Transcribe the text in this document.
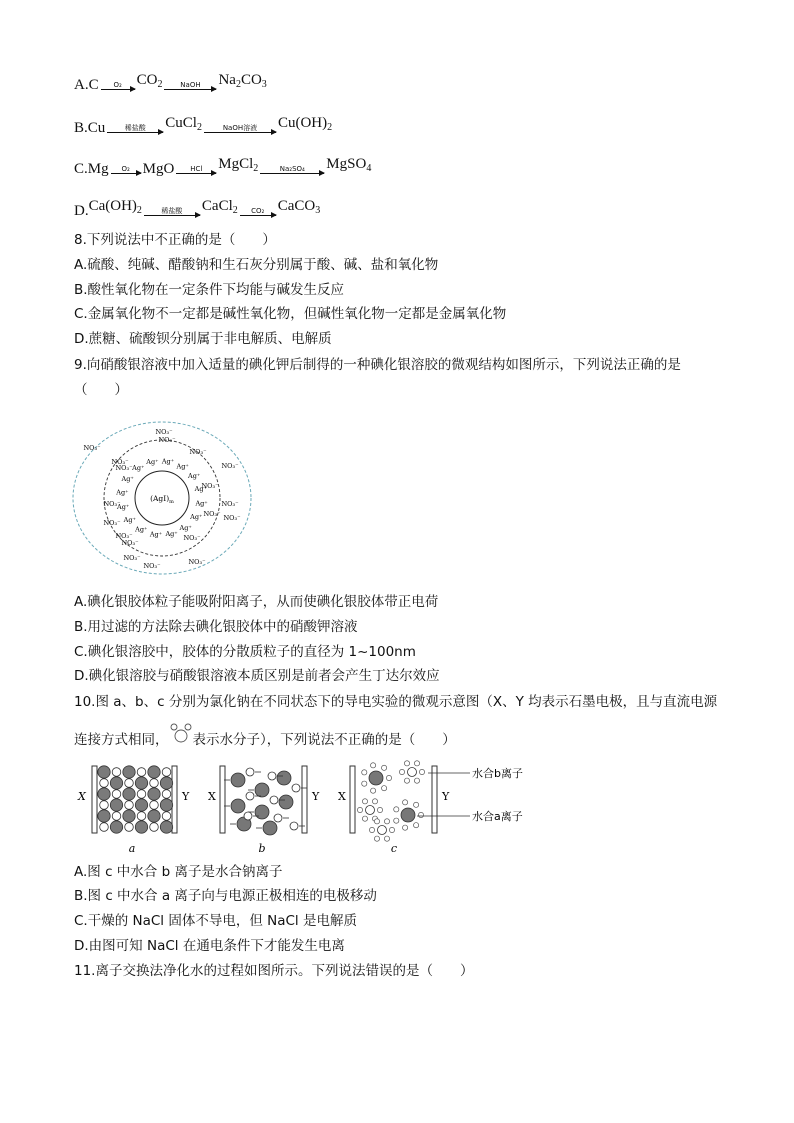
A. C O₂ $CO_2$	NaOH $Na_2CO_3$
B. Cu	稀盐酸 CuCl$_2$	NaOH溶液 $Cu(OH)_2$
C. Mg O₂ MgO HCl MgCl$_2$	Na₂SO₄ MgSO$_4$
D. $Ca(OH)_2$	稀盐酸 CaCl$_2$ CO₂ CaCO$_3$
8.下列说法中不正确的是（　　）
A.硫酸、纯碱、醋酸钠和生石灰分别属于酸、碱、盐和氧化物
B.酸性氧化物在一定条件下均能与碱发生反应
C.金属氧化物不一定都是碱性氧化物，但碱性氧化物一定都是金属氧化物
D.蔗糖、硫酸钡分别属于非电解质、电解质
9.向硝酸银溶液中加入适量的碘化钾后制得的一种碘化银溶胶的微观结构如图所示，下列说法正确的是
（　　）
$(AgI)_m$	Ag⁺
Ag⁺
Ag⁺
Ag⁺
Ag⁺
Ag⁺
Ag⁺
Ag⁺
Ag⁺
Ag⁺
Ag⁺
Ag⁺ Ag⁺
Ag⁺
Ag⁺
Ag⁺
NO₃⁻
NO₃⁻
NO₃⁻	NO₃⁻
NO₃⁻
NO₃⁻
NO₃⁻
NO₃⁻
NO₃⁻
NO₃⁻
NO₃⁻
NO₃⁻
NO₃⁻
NO₃⁻
NO₃⁻
NO₃⁻
NO₃⁻
NO₃⁻
NO₃⁻
A.碘化银胶体粒子能吸附阳离子，从而使碘化银胶体带正电荷
B.用过滤的方法除去碘化银胶体中的硝酸钾溶液
C.碘化银溶胶中，胶体的分散质粒子的直径为 1~100nm
D.碘化银溶胶与硝酸银溶液本质区别是前者会产生丁达尔效应
10.图 a、b、c 分别为氯化钠在不同状态下的导电实验的微观示意图（X、Y 均表示石墨电极，且与直流电源
连接方式相同， 表示水分子），下列说法不正确的是（　　）
X	Y
a
X	Y
b
X	Y
c
水合b离子
水合a离子
A.图 c 中水合 b 离子是水合钠离子
B.图 c 中水合 a 离子向与电源正极相连的电极移动
C.干燥的 NaCl 固体不导电，但 NaCl 是电解质
D.由图可知 NaCl 在通电条件下才能发生电离
11.离子交换法净化水的过程如图所示。下列说法错误的是（　　）
